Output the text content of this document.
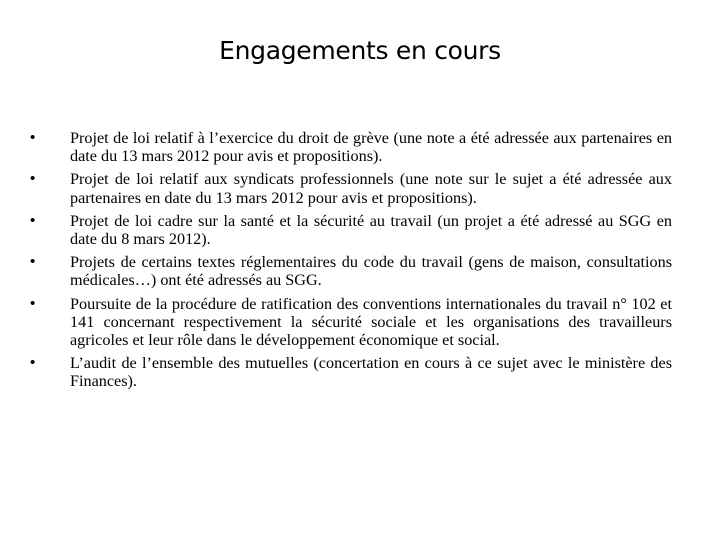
Engagements en cours
•	Projet de loi relatif à l’exercice du droit de grève (une note a été adressée aux partenaires en date du 13 mars 2012 pour avis et propositions).
•	Projet de loi relatif aux syndicats professionnels (une note sur le sujet a été adressée aux partenaires en date du 13 mars 2012 pour avis et propositions).
•	Projet de loi cadre sur la santé et la sécurité au travail (un projet a été adressé au SGG en date du 8 mars 2012).
•	Projets de certains textes réglementaires du code du travail (gens de maison, consultations médicales…) ont été adressés au SGG.
•	Poursuite de la procédure de ratification des conventions internationales du travail n° 102 et 141 concernant respectivement la sécurité sociale et les organisations des travailleurs agricoles et leur rôle dans le développement économique et social.
•	L’audit de l’ensemble des mutuelles (concertation en cours à ce sujet avec le ministère des Finances).
